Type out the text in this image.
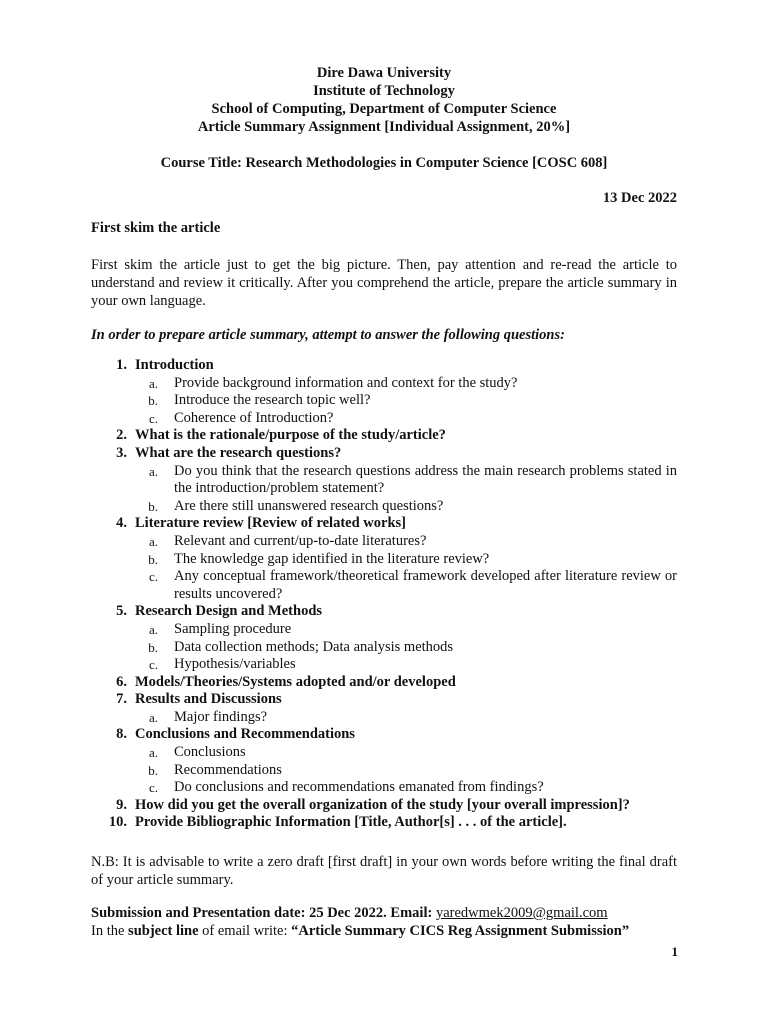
Dire Dawa University
Institute of Technology
School of Computing, Department of Computer Science
Article Summary Assignment [Individual Assignment, 20%]
Course Title: Research Methodologies in Computer Science [COSC 608]
13 Dec 2022
First skim the article
First skim the article just to get the big picture. Then, pay attention and re-read the article to understand and review it critically. After you comprehend the article, prepare the article summary in your own language.
In order to prepare article summary, attempt to answer the following questions:
1. Introduction
a.	Provide background information and context for the study?
b.	Introduce the research topic well?
c.	Coherence of Introduction?
2. What is the rationale/purpose of the study/article?
3. What are the research questions?
a.	Do you think that the research questions address the main research problems stated in the introduction/problem statement?
b.	Are there still unanswered research questions?
4. Literature review [Review of related works]
a.	Relevant and current/up-to-date literatures?
b.	The knowledge gap identified in the literature review?
c.	Any conceptual framework/theoretical framework developed after literature review or results uncovered?
5. Research Design and Methods
a.	Sampling procedure
b.	Data collection methods; Data analysis methods
c.	Hypothesis/variables
6. Models/Theories/Systems adopted and/or developed
7. Results and Discussions
a.	Major findings?
8. Conclusions and Recommendations
a.	Conclusions
b.	Recommendations
c.	Do conclusions and recommendations emanated from findings?
9. How did you get the overall organization of the study [your overall impression]?
10. Provide Bibliographic Information [Title, Author[s] . . . of the article].
N.B: It is advisable to write a zero draft [first draft] in your own words before writing the final draft of your article summary.
Submission and Presentation date: 25 Dec 2022. Email: yaredwmek2009@gmail.com
In the subject line of email write: “Article Summary CICS Reg Assignment Submission”
1
